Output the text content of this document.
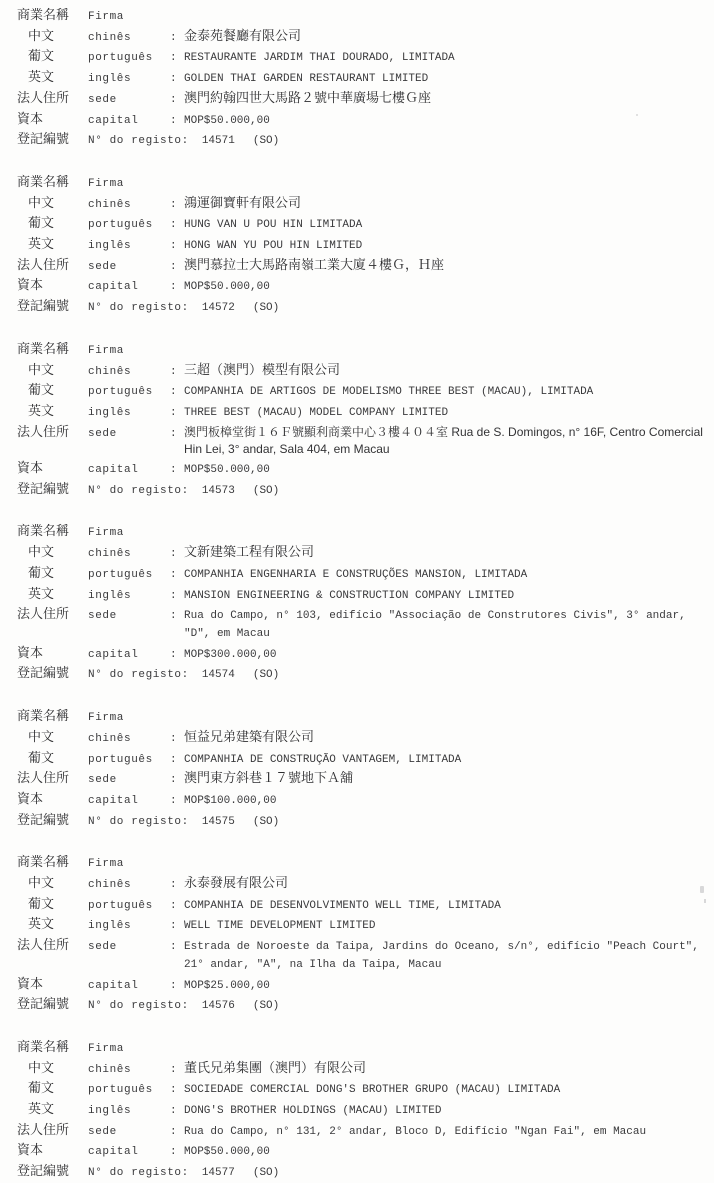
商業名稱	Firma
中文	chinês	: 金泰苑餐廳有限公司
葡文	português	: RESTAURANTE JARDIM THAI DOURADO, LIMITADA
英文	inglês	: GOLDEN THAI GARDEN RESTAURANT LIMITED
法人住所	sede	: 澳門約翰四世大馬路２號中華廣場七樓Ｇ座
資本	capital	: MOP$50.000,00
登記編號	N° do registo: 14571 (SO)
商業名稱	Firma
中文	chinês	: 鴻運御寶軒有限公司
葡文	português	: HUNG VAN U POU HIN LIMITADA
英文	inglês	: HONG WAN YU POU HIN LIMITED
法人住所	sede	: 澳門慕拉士大馬路南嶺工業大廈４樓Ｇ，Ｈ座
資本	capital	: MOP$50.000,00
登記編號	N° do registo: 14572 (SO)
商業名稱	Firma
中文	chinês	: 三超（澳門）模型有限公司
葡文	português	: COMPANHIA DE ARTIGOS DE MODELISMO THREE BEST (MACAU), LIMITADA
英文	inglês	: THREE BEST (MACAU) MODEL COMPANY LIMITED
法人住所	sede	: 澳門板樟堂街１６Ｆ號顯利商業中心３樓４０４室 Rua de S. Domingos, n° 16F, Centro Comercial Hin Lei, 3° andar, Sala 404, em Macau
資本	capital	: MOP$50.000,00
登記編號	N° do registo: 14573 (SO)
商業名稱	Firma
中文	chinês	: 文新建築工程有限公司
葡文	português	: COMPANHIA ENGENHARIA E CONSTRUÇÕES MANSION, LIMITADA
英文	inglês	: MANSION ENGINEERING & CONSTRUCTION COMPANY LIMITED
法人住所	sede	: Rua do Campo, n° 103, edifício "Associação de Construtores Civis", 3° andar, "D", em Macau
資本	capital	: MOP$300.000,00
登記編號	N° do registo: 14574 (SO)
商業名稱	Firma
中文	chinês	: 恒益兄弟建築有限公司
葡文	português	: COMPANHIA DE CONSTRUÇÃO VANTAGEM, LIMITADA
法人住所	sede	: 澳門東方斜巷１７號地下Ａ舖
資本	capital	: MOP$100.000,00
登記編號	N° do registo: 14575 (SO)
商業名稱	Firma
中文	chinês	: 永泰發展有限公司
葡文	português	: COMPANHIA DE DESENVOLVIMENTO WELL TIME, LIMITADA
英文	inglês	: WELL TIME DEVELOPMENT LIMITED
法人住所	sede	: Estrada de Noroeste da Taipa, Jardins do Oceano, s/n°, edifício "Peach Court", 21° andar, "A", na Ilha da Taipa, Macau
資本	capital	: MOP$25.000,00
登記編號	N° do registo: 14576 (SO)
商業名稱	Firma
中文	chinês	: 董氏兄弟集團（澳門）有限公司
葡文	português	: SOCIEDADE COMERCIAL DONG'S BROTHER GRUPO (MACAU) LIMITADA
英文	inglês	: DONG'S BROTHER HOLDINGS (MACAU) LIMITED
法人住所	sede	: Rua do Campo, n° 131, 2° andar, Bloco D, Edifício "Ngan Fai", em Macau
資本	capital	: MOP$50.000,00
登記編號	N° do registo: 14577 (SO)
